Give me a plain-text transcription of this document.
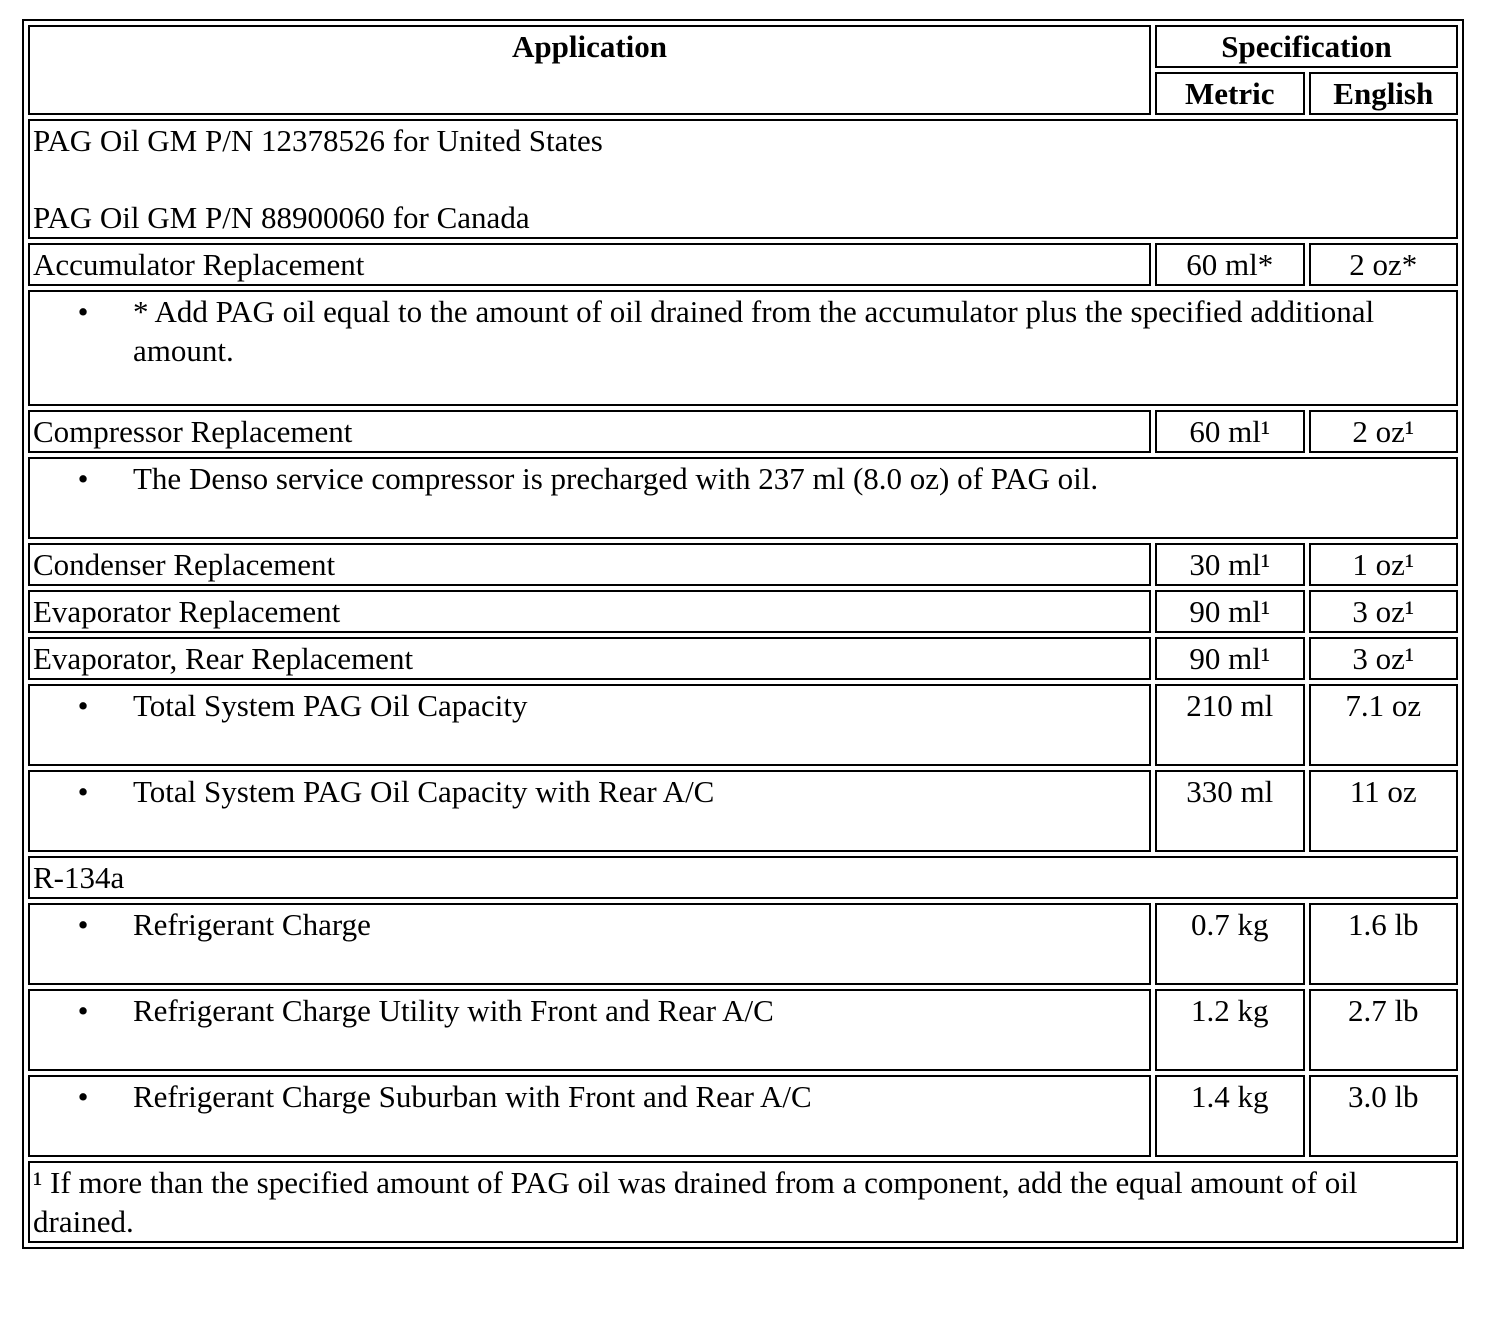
Application	Specification	
	Metric	English

PAG Oil GM P/N 12378526 for United States
PAG Oil GM P/N 88900060 for Canada		

Accumulator Replacement	60 ml*	2 oz*

• * Add PAG oil equal to the amount of oil drained from the accumulator plus the specified additional amount.		

Compressor Replacement	60 ml¹	2 oz¹

• The Denso service compressor is precharged with 237 ml (8.0 oz) of PAG oil.		

Condenser Replacement	30 ml¹	1 oz¹
Evaporator Replacement	90 ml¹	3 oz¹
Evaporator, Rear Replacement	90 ml¹	3 oz¹

• Total System PAG Oil Capacity	210 ml	7.1 oz

• Total System PAG Oil Capacity with Rear A/C	330 ml	11 oz
R-134a		

• Refrigerant Charge	0.7 kg	1.6 lb

• Refrigerant Charge Utility with Front and Rear A/C	1.2 kg	2.7 lb

• Refrigerant Charge Suburban with Front and Rear A/C	1.4 kg	3.0 lb
¹ If more than the specified amount of PAG oil was drained from a component, add the equal amount of oil drained.		
